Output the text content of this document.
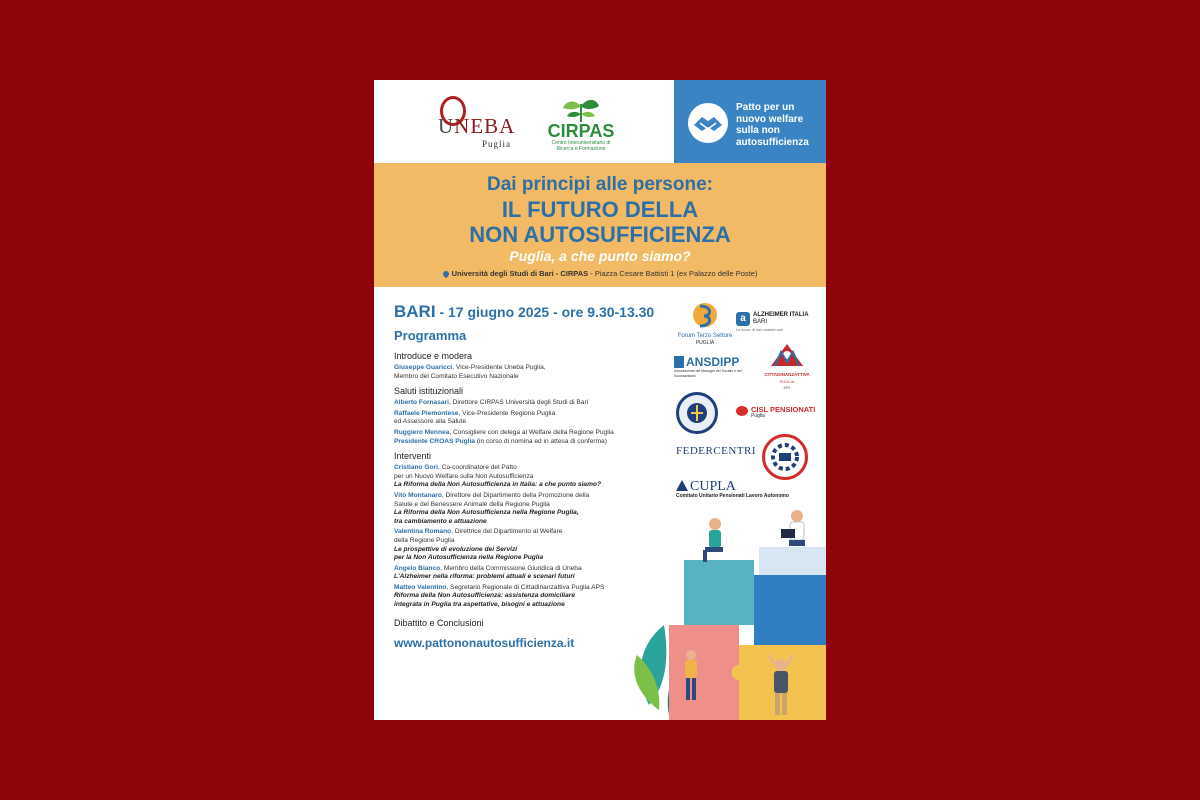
UNEBA
Puglia
CIRPAS
Centro Interuniversitario di Ricerca e Formazione
Patto per un nuovo welfare sulla non autosufficienza
Dai principi alle persone:
IL FUTURO DELLA
NON AUTOSUFFICIENZA
Puglia, a che punto siamo?
Università degli Studi di Bari - CIRPAS - Piazza Cesare Battisti 1 (ex Palazzo delle Poste)
BARI - 17 giugno 2025 - ore 9.30-13.30
Programma
Introduce e modera
Giuseppe Guaricci, Vice-Presidente Uneba Puglia,
Membro del Comitato Esecutivo Nazionale
Saluti istituzionali
Alberto Fornasari, Direttore CIRPAS Università degli Studi di Bari
Raffaele Piemontese, Vice-Presidente Regione Puglia
ed Assessore alla Salute
Ruggiero Mennea, Consigliere con delega al Welfare della Regione Puglia
Presidente CROAS Puglia (in corso di nomina ed in attesa di conferma)
Interventi
Cristiano Gori, Co-coordinatore del Patto
per un Nuovo Welfare sulla Non Autosufficienza
La Riforma della Non Autosufficienza in Italia: a che punto siamo?
Vito Montanaro, Direttore del Dipartimento della Promozione della
Salute e del Benessere Animale della Regione Puglia
La Riforma della Non Autosufficienza nella Regione Puglia,
tra cambiamento e attuazione
Valentina Romano, Direttrice del Dipartimento al Welfare
della Regione Puglia
Le prospettive di evoluzione dei Servizi
per la Non Autosufficienza nella Regione Puglia
Angelo Bianco, Membro della Commissione Giuridica di Uneba
L'Alzheimer nella riforma: problemi attuali e scenari futuri
Matteo Valentino, Segretario Regionale di Cittadinanzattiva Puglia APS
Riforma della Non Autosufficienza: assistenza domiciliare
integrata in Puglia tra aspettative, bisogni e attuazione
Dibattito e Conclusioni
www.pattononautosufficienza.it
Forum Terzo Settore
PUGLIA
a	ALZHEIMER ITALIA
BARI
Le forze di non essere soli
ANSDIPP
Associazione dei Manager del Sociale e del Sociosanitario	CITTADINANZATTIVA
PUGLIA
APS
CISL PENSIONATI
Puglia
FEDERCENTRI
CUPLA
Comitato Unitario Pensionati Lavoro Autonomo
